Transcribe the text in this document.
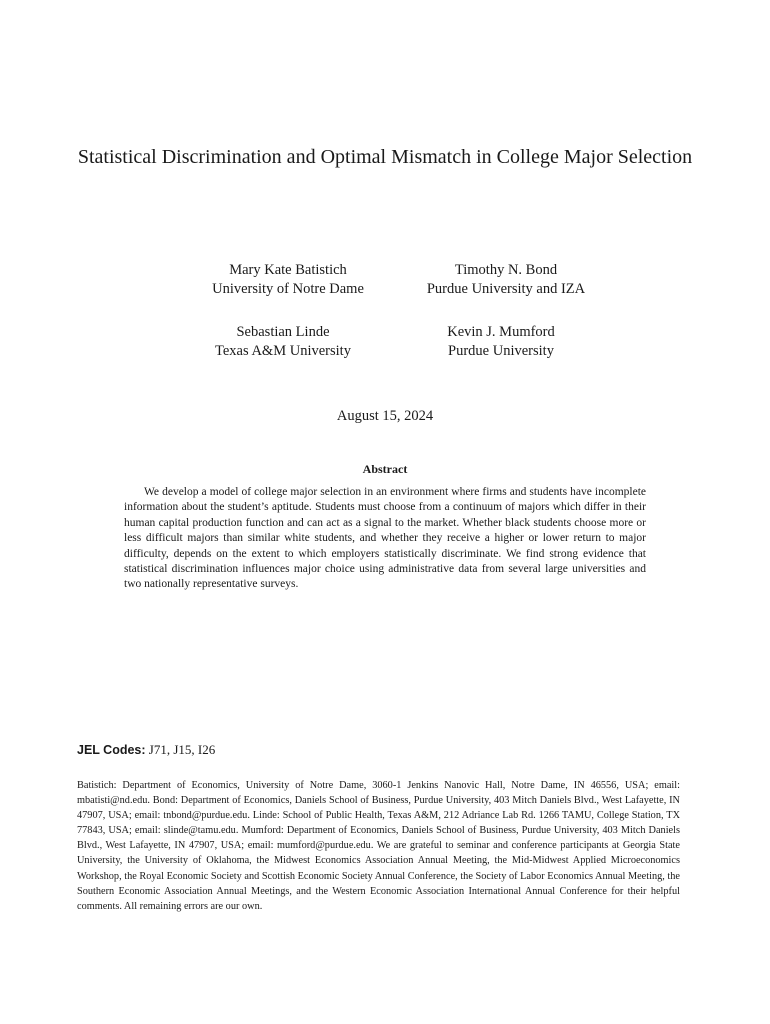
Statistical Discrimination and Optimal Mismatch in College Major Selection
Mary Kate Batistich
University of Notre Dame
Timothy N. Bond
Purdue University and IZA
Sebastian Linde
Texas A&M University
Kevin J. Mumford
Purdue University
August 15, 2024
Abstract

We develop a model of college major selection in an environment where firms and students have incomplete information about the student’s aptitude. Students must choose from a continuum of majors which differ in their human capital production function and can act as a signal to the market. Whether black students choose more or less difficult majors than similar white students, and whether they receive a higher or lower return to major difficulty, depends on the extent to which employers statistically discriminate. We find strong evidence that statistical discrimination influences major choice using administrative data from several large universities and two nationally representative surveys.

JEL Codes: J71, J15, I26

Batistich: Department of Economics, University of Notre Dame, 3060-1 Jenkins Nanovic Hall, Notre Dame, IN 46556, USA; email: mbatisti@nd.edu. Bond: Department of Economics, Daniels School of Business, Purdue University, 403 Mitch Daniels Blvd., West Lafayette, IN 47907, USA; email: tnbond@purdue.edu. Linde: School of Public Health, Texas A&M, 212 Adriance Lab Rd. 1266 TAMU, College Station, TX 77843, USA; email: slinde@tamu.edu. Mumford: Department of Economics, Daniels School of Business, Purdue University, 403 Mitch Daniels Blvd., West Lafayette, IN 47907, USA; email: mumford@purdue.edu. We are grateful to seminar and conference participants at Georgia State University, the University of Oklahoma, the Midwest Economics Association Annual Meeting, the Mid-Midwest Applied Microeconomics Workshop, the Royal Economic Society and Scottish Economic Society Annual Conference, the Society of Labor Economics Annual Meeting, the Southern Economic Association Annual Meetings, and the Western Economic Association International Annual Conference for their helpful comments. All remaining errors are our own.
